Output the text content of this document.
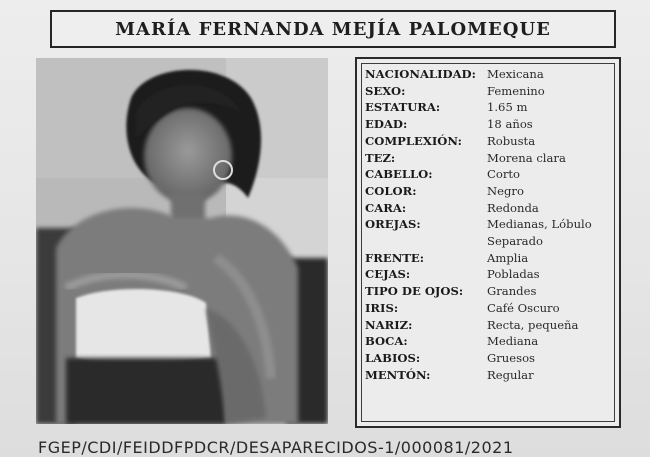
MARÍA FERNANDA MEJÍA PALOMEQUE
NACIONALIDAD: Mexicana
SEXO:	Femenino
ESTATURA:	1.65 m
EDAD:	18 años
COMPLEXIÓN:	Robusta
TEZ:	Morena clara
CABELLO:	Corto
COLOR:	Negro
CARA:	Redonda
OREJAS:	Medianas, Lóbulo Separado
FRENTE:	Amplia
CEJAS:	Pobladas
TIPO DE OJOS:	Grandes
IRIS:	Café Oscuro
NARIZ:	Recta, pequeña
BOCA:	Mediana
LABIOS:	Gruesos
MENTÓN:	Regular
FGEP/CDI/FEIDDFPDCR/DESAPARECIDOS-1/000081/2021
